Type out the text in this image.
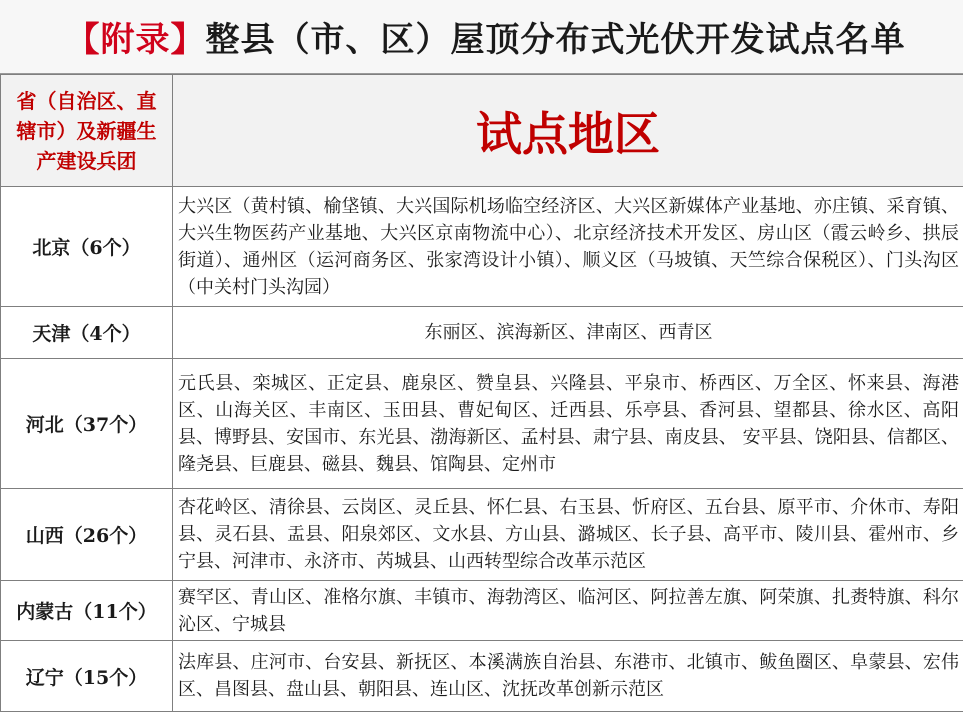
【附录】整县（市、区）屋顶分布式光伏开发试点名单
省（自治区、直辖市）及新疆生产建设兵团	试点地区
北京（6个）	大兴区（黄村镇、榆垡镇、大兴国际机场临空经济区、大兴区新媒体产业基地、亦庄镇、采育镇、大兴生物医药产业基地、大兴区京南物流中心）、北京经济技术开发区、房山区（霞云岭乡、拱辰街道）、通州区（运河商务区、张家湾设计小镇）、顺义区（马坡镇、天竺综合保税区）、门头沟区（中关村门头沟园）
天津（4个）	东丽区、滨海新区、津南区、西青区
河北（37个）	元氏县、栾城区、正定县、鹿泉区、赞皇县、兴隆县、平泉市、桥西区、万全区、怀来县、海港区、山海关区、丰南区、玉田县、曹妃甸区、迁西县、乐亭县、香河县、望都县、徐水区、高阳县、博野县、安国市、东光县、渤海新区、孟村县、肃宁县、南皮县、 安平县、饶阳县、信都区、隆尧县、巨鹿县、磁县、魏县、馆陶县、定州市
山西（26个）	杏花岭区、清徐县、云岗区、灵丘县、怀仁县、右玉县、忻府区、五台县、原平市、介休市、寿阳县、灵石县、盂县、阳泉郊区、文水县、方山县、潞城区、长子县、高平市、陵川县、霍州市、乡宁县、河津市、永济市、芮城县、山西转型综合改革示范区
内蒙古（11个）	赛罕区、青山区、准格尔旗、丰镇市、海勃湾区、临河区、阿拉善左旗、阿荣旗、扎赉特旗、科尔沁区、宁城县
辽宁（15个）	法库县、庄河市、台安县、新抚区、本溪满族自治县、东港市、北镇市、鲅鱼圈区、阜蒙县、宏伟区、昌图县、盘山县、朝阳县、连山区、沈抚改革创新示范区
